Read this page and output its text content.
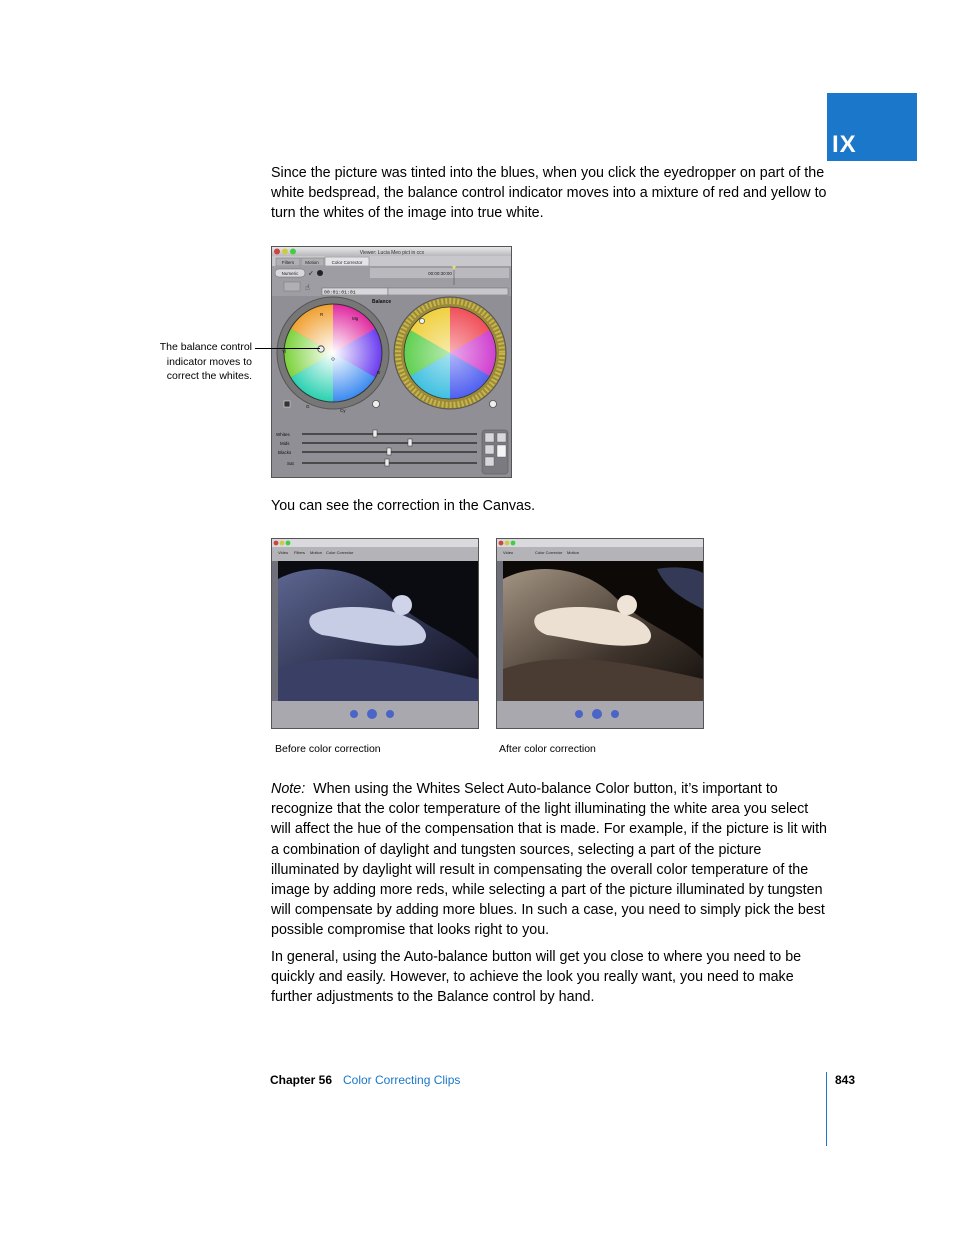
IX

Since the picture was tinted into the blues, when you click the eyedropper on part of the white bedspread, the balance control indicator moves into a mixture of red and yellow to turn the whites of the image into true white.

Viewer: Lucia Meo pict in ccx
Filters Motion	Color Corrector
Numeric ✓	00:00:30:00
☝
00:01:01:01
Balance
R
Mg
Yl
B
G
Cy
Whites
Mids
Blacks
Sat
The balance control indicator moves to correct the whites.

You can see the correction in the Canvas.

Video Filters Motion Color Corrector	Video	Color Corrector Motion
Before color correction	After color correction

Note: When using the Whites Select Auto-balance Color button, it’s important to recognize that the color temperature of the light illuminating the white area you select will affect the hue of the compensation that is made. For example, if the picture is lit with a combination of daylight and tungsten sources, selecting a part of the picture illuminated by daylight will result in compensating the overall color temperature of the image by adding more reds, while selecting a part of the picture illuminated by tungsten will compensate by adding more blues. In such a case, you need to simply pick the best possible compromise that looks right to you.

In general, using the Auto-balance button will get you close to where you need to be quickly and easily. However, to achieve the look you really want, you need to make further adjustments to the Balance control by hand.

Chapter 56 Color Correcting Clips	843
